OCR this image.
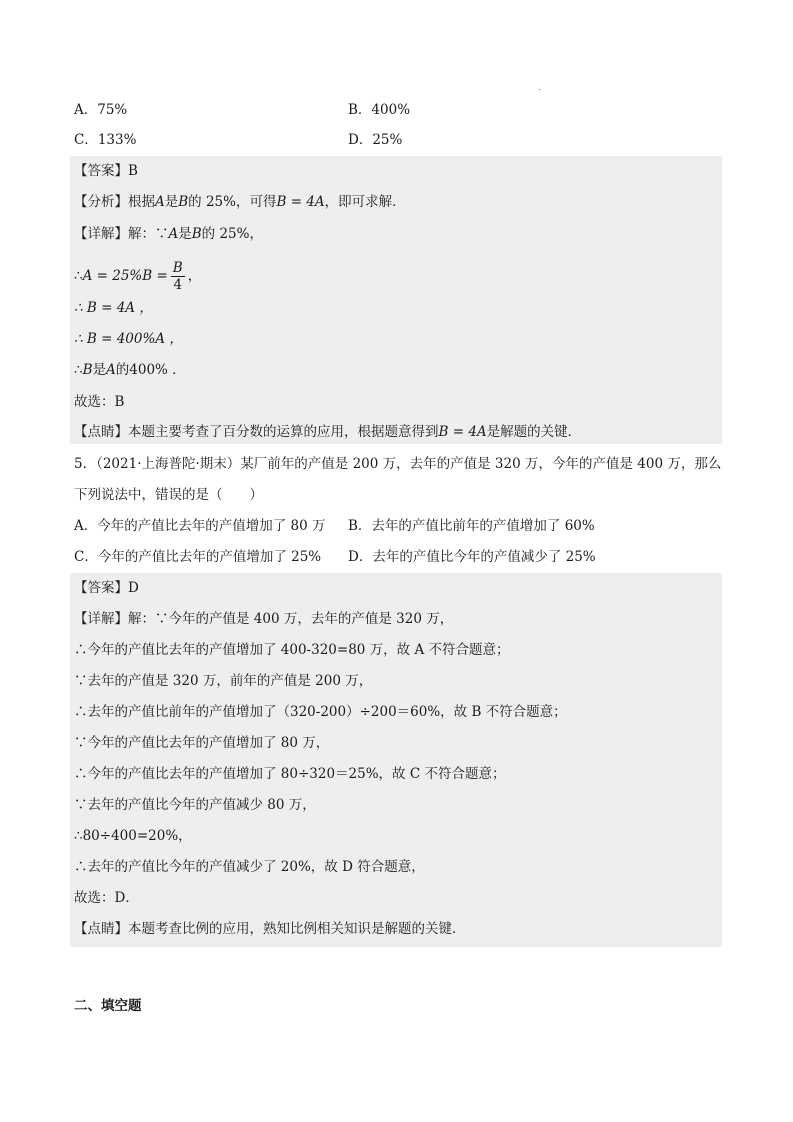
.
A．75%	B．400%
C．133%	D．25%
【答案】B
【分析】根据A是B的 25%，可得B = 4A，即可求解．
【详解】解：∵A是B的 25%，
∴A = $25\%B = \frac{B}{4}$ ，
∴ B = 4A ，
∴ B = 400%A ，
∴B是A的400% ．
故选：B
【点睛】本题主要考查了百分数的运算的应用，根据题意得到B = 4A是解题的关键．
5．（2021·上海普陀·期末）某厂前年的产值是 200 万，去年的产值是 320 万，今年的产值是 400 万，那么
下列说法中，错误的是（　　）
A．今年的产值比去年的产值增加了 80 万 B．去年的产值比前年的产值增加了 60%
C．今年的产值比去年的产值增加了 25% D．去年的产值比今年的产值减少了 25%
【答案】D
【详解】解：∵今年的产值是 400 万，去年的产值是 320 万，
∴今年的产值比去年的产值增加了 400-320=80 万，故 A 不符合题意；
∵去年的产值是 320 万，前年的产值是 200 万，
∴去年的产值比前年的产值增加了（320-200）÷200＝60%，故 B 不符合题意；
∵今年的产值比去年的产值增加了 80 万，
∴今年的产值比去年的产值增加了 80÷320＝25%，故 C 不符合题意；
∵去年的产值比今年的产值减少 80 万，
∴80÷400=20%，
∴去年的产值比今年的产值减少了 20%，故 D 符合题意，
故选：D．
【点睛】本题考查比例的应用，熟知比例相关知识是解题的关键．
二、填空题
